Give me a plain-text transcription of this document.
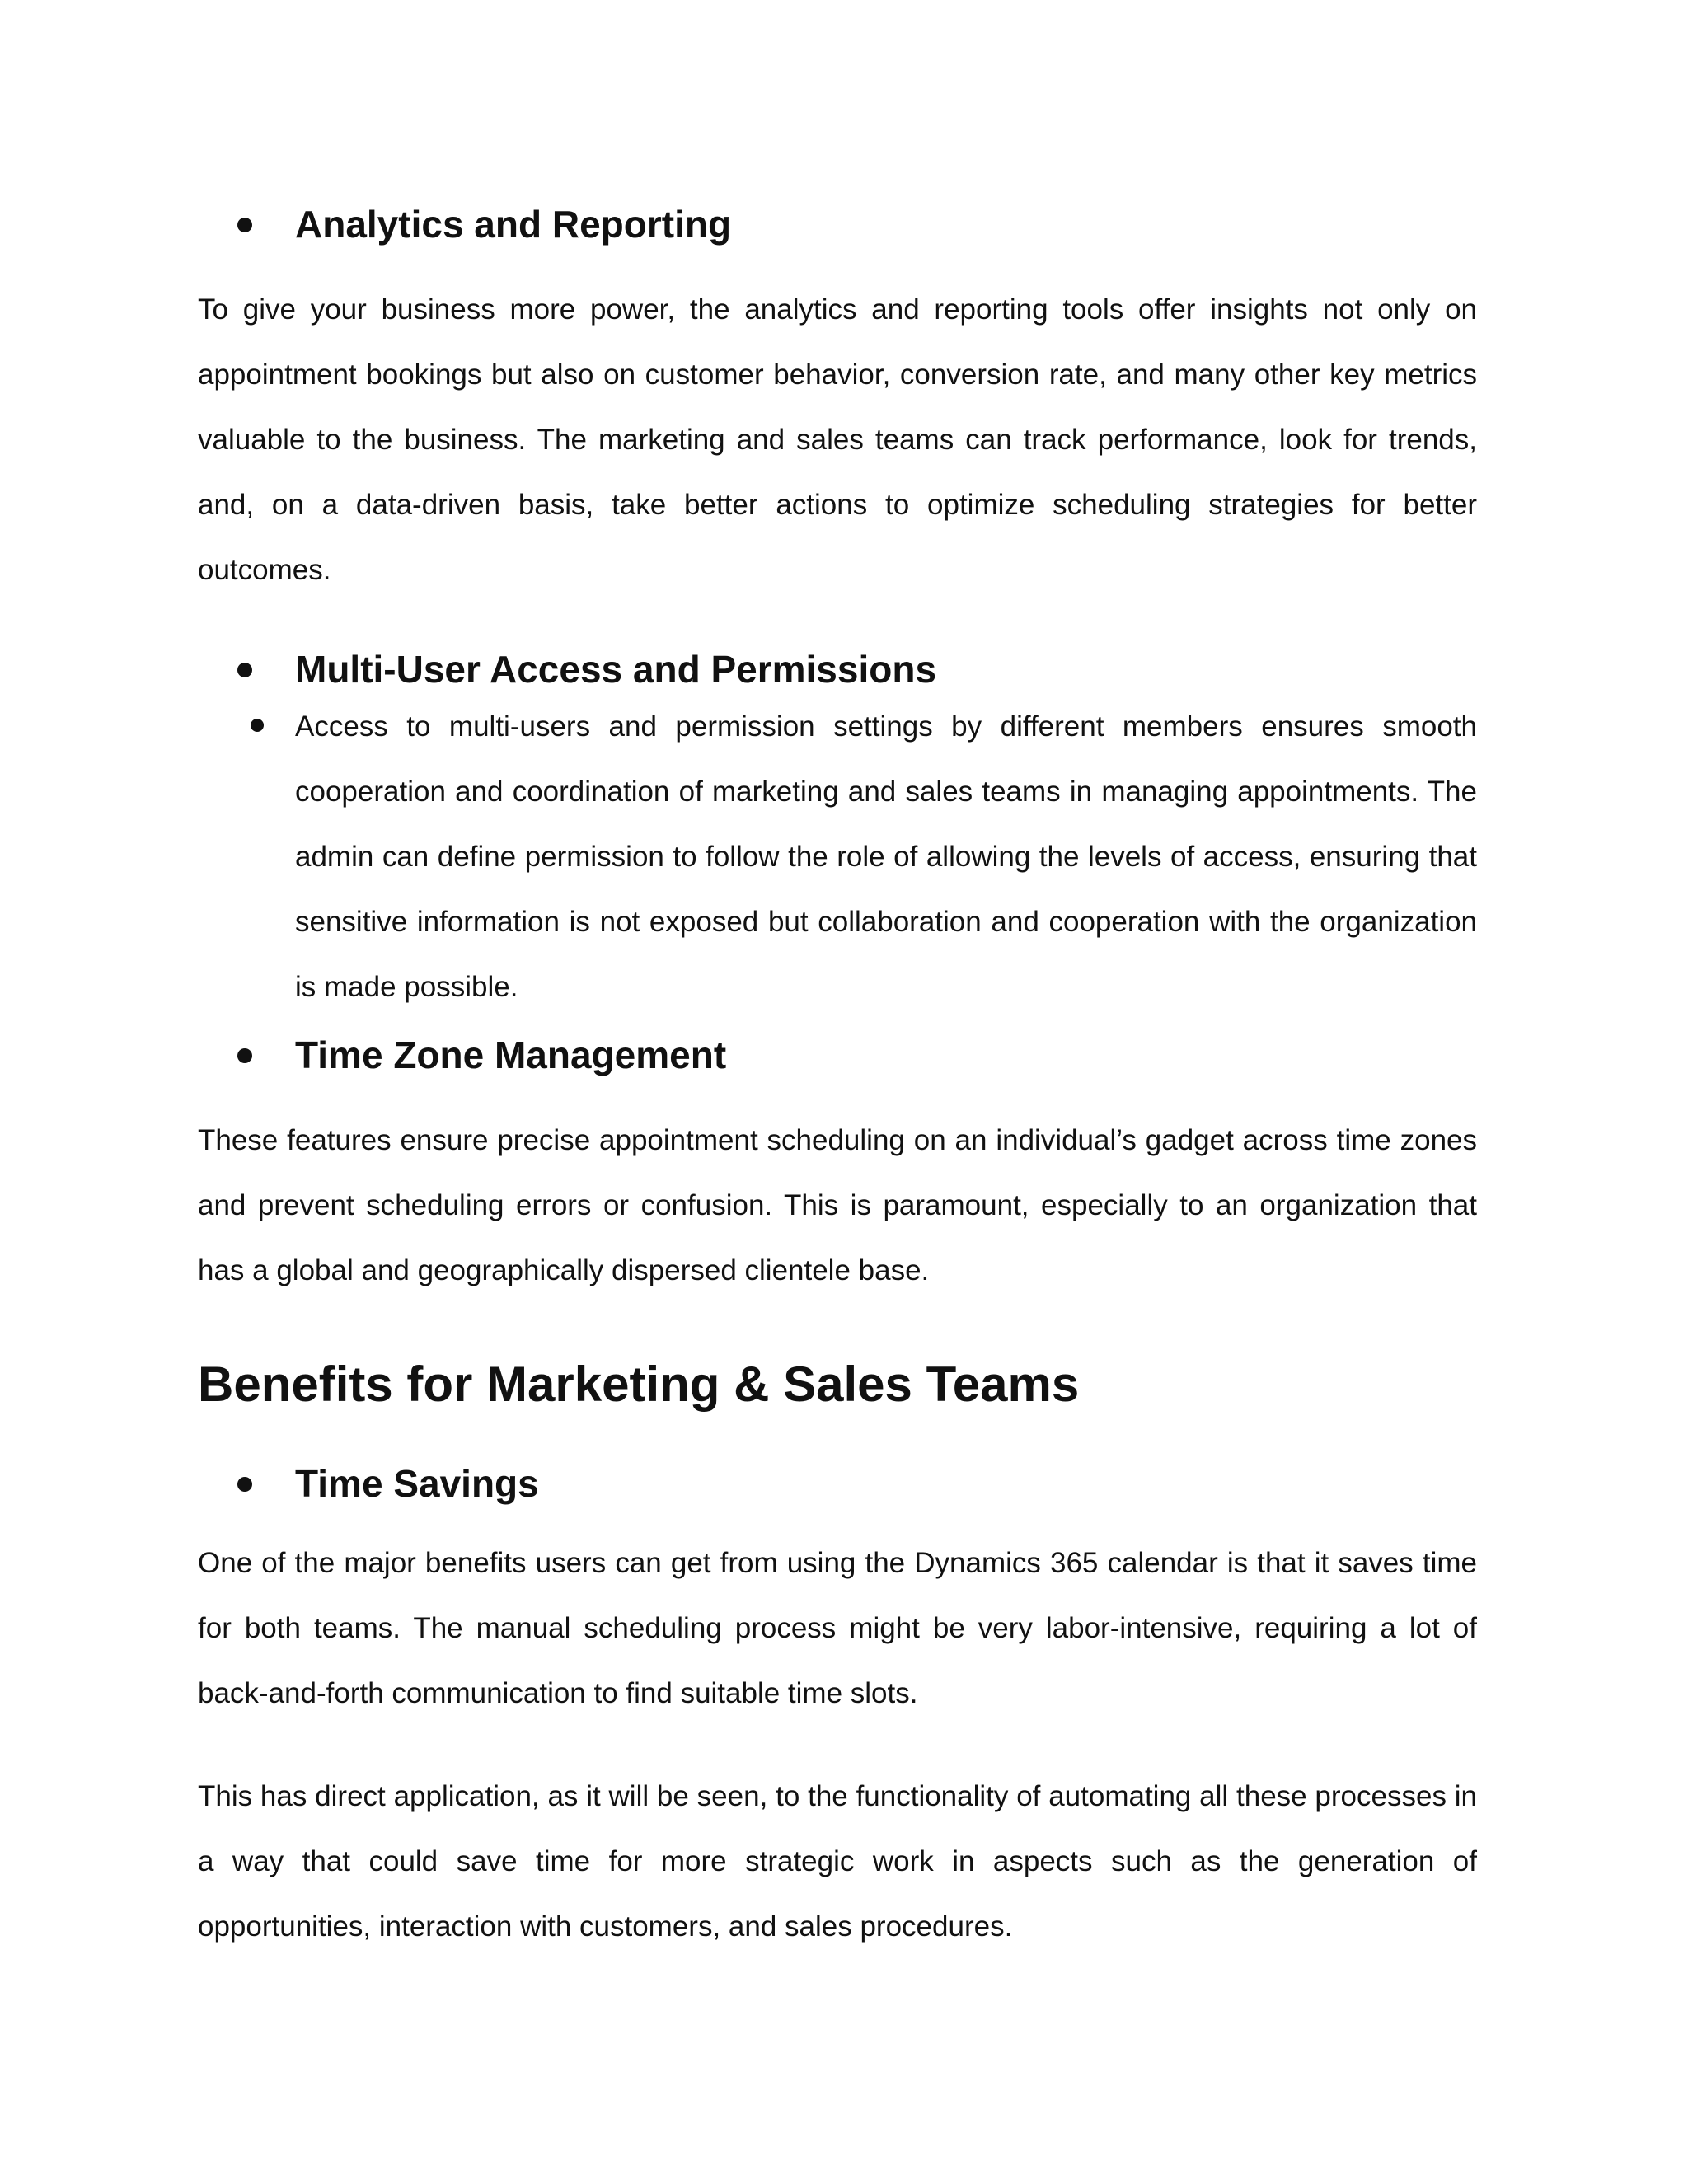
Analytics and Reporting

To give your business more power, the analytics and reporting tools offer insights not only on appointment bookings but also on customer behavior, conversion rate, and many other key metrics valuable to the business. The marketing and sales teams can track performance, look for trends, and, on a data-driven basis, take better actions to optimize scheduling strategies for better outcomes.

Multi-User Access and Permissions

Access to multi-users and permission settings by different members ensures smooth cooperation and coordination of marketing and sales teams in managing appointments. The admin can define permission to follow the role of allowing the levels of access, ensuring that sensitive information is not exposed but collaboration and cooperation with the organization is made possible.

Time Zone Management

These features ensure precise appointment scheduling on an individual’s gadget across time zones and prevent scheduling errors or confusion. This is paramount, especially to an organization that has a global and geographically dispersed clientele base.

Benefits for Marketing & Sales Teams
Time Savings

One of the major benefits users can get from using the Dynamics 365 calendar is that it saves time for both teams. The manual scheduling process might be very labor-intensive, requiring a lot of back-and-forth communication to find suitable time slots.

This has direct application, as it will be seen, to the functionality of automating all these processes in a way that could save time for more strategic work in aspects such as the generation of opportunities, interaction with customers, and sales procedures.
